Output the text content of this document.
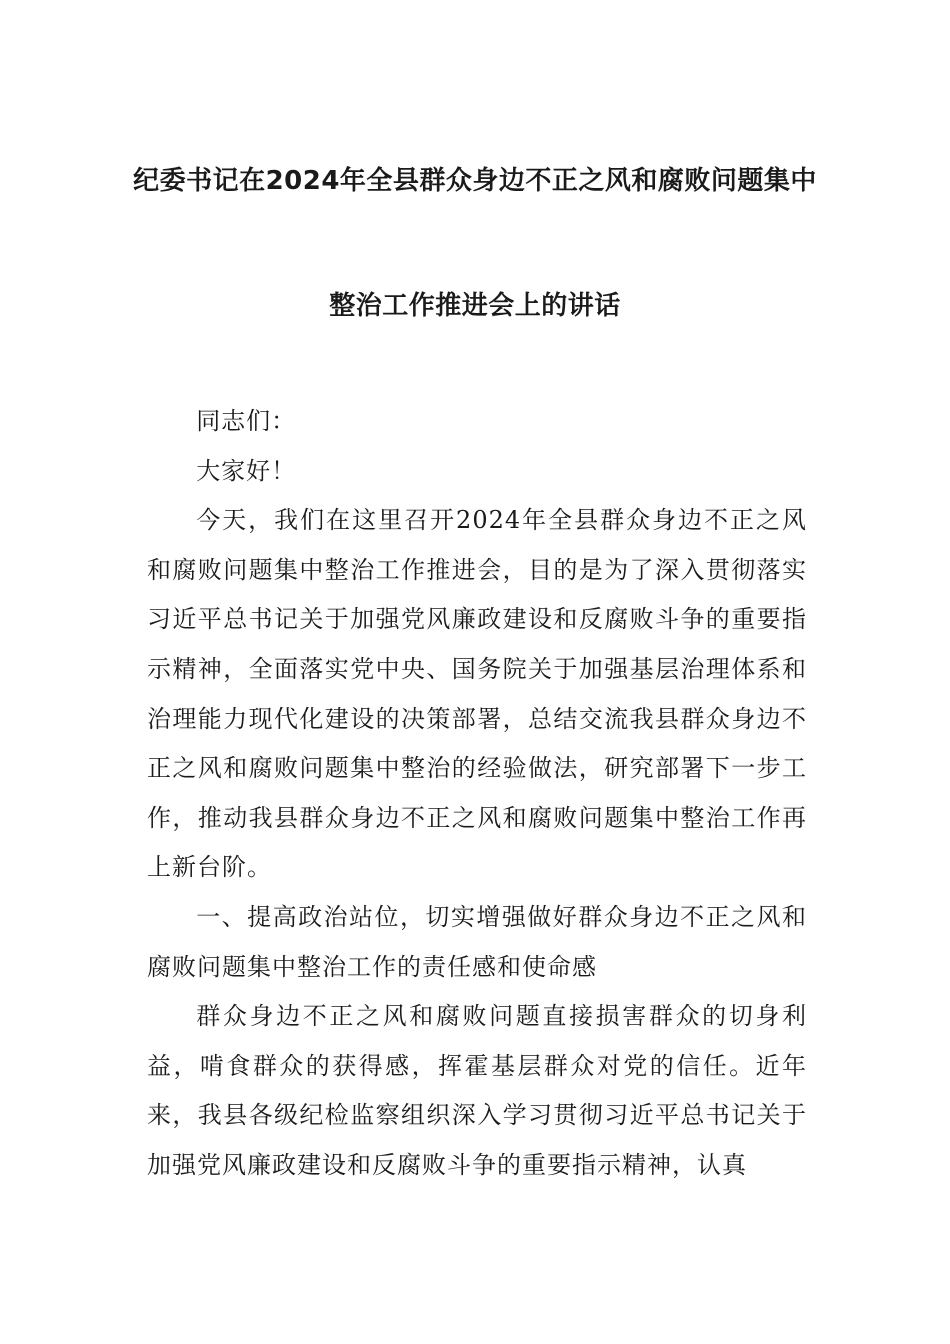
纪委书记在2024年全县群众身边不正之风和腐败问题集中
整治工作推进会上的讲话

同志们：

大家好！

今天，我们在这里召开2024年全县群众身边不正之风和腐败问题集中整治工作推进会，目的是为了深入贯彻落实习近平总书记关于加强党风廉政建设和反腐败斗争的重要指示精神，全面落实党中央、国务院关于加强基层治理体系和治理能力现代化建设的决策部署，总结交流我县群众身边不正之风和腐败问题集中整治的经验做法，研究部署下一步工作，推动我县群众身边不正之风和腐败问题集中整治工作再上新台阶。

一、提高政治站位，切实增强做好群众身边不正之风和腐败问题集中整治工作的责任感和使命感

群众身边不正之风和腐败问题直接损害群众的切身利益，啃食群众的获得感，挥霍基层群众对党的信任。近年来，我县各级纪检监察组织深入学习贯彻习近平总书记关于加强党风廉政建设和反腐败斗争的重要指示精神，认真
